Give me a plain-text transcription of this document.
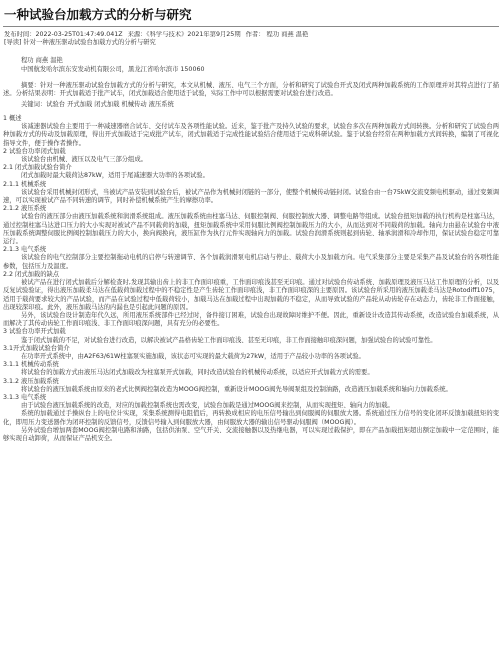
一种试验台加载方式的分析与研究
发布时间：2022-03-25T01:47:49.041Z 来源：《科学与技术》2021年第9月25期 作者： 程功 商燕 温艳
[导读] 针对一种液压驱动试验台加载方式的分析与研究
程功 商燕 温艳
中国航发哈尔滨东安发动机有限公司，黑龙江省哈尔滨市 150060
摘要：针对一种液压驱动试验台加载方式的分析与研究，本文从机械、液压、电气三个方面，分析和研究了试验台开式及闭式两种加载系统的工作原理并对其特点进行了描述。分析结果表明：开式加载适于批产试车，闭式加载适合使用适于试验，实际工作中可以根据需要对试验台进行改造。
关键词：试验台 开式加载 闭式加载 机械传动 液压系统
1 概述
该减速器试验台主要用于一种减速器磨合试车、交付试车及各项性能试验。近来，鉴于批产及持久试验的要求，试验台多次在两种加载方式间转换。分析和研究了试验台两种加载方式的传动及加载原理，得出开式加载适于完成批产试车，闭式加载适于完成性能试验结合使用适于完成科研试验。鉴于试验台经常在两种加载方式间转换，编制了可视化指导文件，便于操作者操作。
2 试验台功率闭式加载
该试验台由机械、液压以及电气三部分组成。
2.1 闭式加载试验台简介
闭式加载时最大载荷达87kW，适用于尾减速器大功率的各项试验。
2.1.1 机械系统
该试验台采用机械封闭形式，当被试产品安装到试验台后，被试产品作为机械封闭链的一部分，使整个机械传动链封闭。试验台由一台75kW交流变频电机驱动，通过变频调速，可以实现被试产品不同转速的调节，同时补偿机械系统产生的摩擦功率。
2.1.2 液压系统
试验台的液压部分由液压加载系统和润滑系统组成。液压加载系统由柱塞马达、伺服控制阀、伺服控制放大器、调整电路等组成。试验台扭矩加载的执行机构是柱塞马达，通过控制柱塞马达进口压力的大小实现对被试产品不同载荷的加载，扭矩加载系统中采用伺服比例阀控制加载压力的大小，从而达到对不同载荷的加载。轴向力由悬在试验台中液压加载系统调整伺服比例阀控制加载压力的大小，换向阀换向，液压缸作为执行元件实现轴向力的加载。试验台润滑系统则起到齿轮、轴承润滑和冷却作用，保证试验台稳定可靠运行。
2.1.3 电气系统
该试验台的电气控制部分主要控制拖动电机的启停与转速调节、各个加载润滑泵电机启动与停止、载荷大小及加载方向。电气采集部分主要是采集产品及试验台的各项性能参数，包括压力及温度。
2.2 闭式加载的缺点
被试产品在进行闭式加载后分解检查时,发现其输出齿上的非工作面印痕重，工作面印痕浅甚至无印痕。通过对试验台传动系统、加载原理及液压马达工作原理的分析，以及反复试验验证，得出液压加载柔马达在低载荷加载过程中的不稳定性是产生齿轮工作面印痕浅，非工作面印痕深的主要原因。该试验台所采用的液压加载柔马达是Rotodiff1075，适用于载荷要求较大的产品试验，而产品在试验过程中低载荷较小，加载马达在加载过程中出现加载的不稳定，从而导致试验的产品轮从动齿轮存在动态力，齿轮非工作面接触，出现较深印痕。此外，液压加载马达的内漏也是引起此问题的原因。
另外，该试验台设计制造年代久远，所用液压系统部件已经过时，备件接订困难，试验台出现故障时维护不便。因此，重新设计改造其传动系统，改造试验台加载系统，从而解决了其传动齿轮工作面印痕浅、非工作面印痕深问题，具有充分的必要性。
3 试验台功率开式加载
鉴于闭式加载的不足，对试验台进行改造，以解决被试产品格齿轮工作面印痕浅、甚至无印痕，非工作面接触印痕深问题，加强试验台的试验可靠性。
3.1开式加载试验台简介
在功率开式系统中，由A2F63/61W柱塞泵实施加载，该状态可实现的最大载荷为27kW，适用于产品较小功率的各项试验。
3.1.1 机械传动系统
将试验台的加载方式由液压马达闭式加载改为柱塞泵开式加载，同时改造试验台的机械传动系统，以适应开式加载方式的需要。
3.1.2 液压加载系统
将试验台的液压加载系统由原来的老式比例阀控制改造为MOOG阀控制，重新设计MOOG阀先导阀泵组及控制油路，改造液压加载系统和轴向力加载系统。
3.1.3 电气系统
由于试验台液压加载系统的改造，对应的加载控制系统也需改变，试验台加载是通过MOOG阀来控制，从而实现扭矩、轴向力的加载。
系统的加载通过手操纵台上的电位计实现，采集系统测得电阻值后，再转换成相应的电压信号输出到伺服阀的伺服放大器。系统通过压力信号的变化闭环反馈加载扭矩的变化，即用压力变送器作为闭环控制的反馈信号，反馈信号输入到伺服放大器，由伺服放大器的输出信号驱动伺服阀（MOOG阀）。
另外试验台增加两套MOOG阀控制电路和油路，包括供油泵、空气开关、交流接触器以及热继电器，可以实现过载保护，即在产品加载扭矩超出额定加载中一定范围时，能够实现自动卸荷，从而保证产品机安全。
